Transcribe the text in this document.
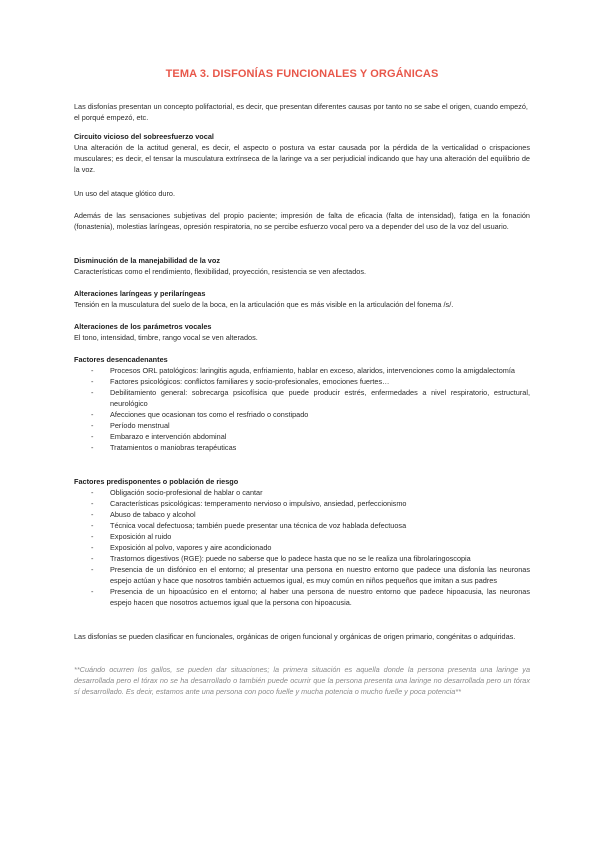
TEMA 3. DISFONÍAS FUNCIONALES Y ORGÁNICAS
Las disfonías presentan un concepto polifactorial, es decir, que presentan diferentes causas por tanto no se sabe el origen, cuando empezó, el porqué empezó, etc.
Circuito vicioso del sobreesfuerzo vocal
Una alteración de la actitud general, es decir, el aspecto o postura va estar causada por la pérdida de la verticalidad o crispaciones musculares; es decir, el tensar la musculatura extrínseca de la laringe va a ser perjudicial indicando que hay una alteración del equilibrio de la voz.
Un uso del ataque glótico duro.
Además de las sensaciones subjetivas del propio paciente; impresión de falta de eficacia (falta de intensidad), fatiga en la fonación (fonastenia), molestias laríngeas, opresión respiratoria, no se percibe esfuerzo vocal pero va a depender del uso de la voz del usuario.
Disminución de la manejabilidad de la voz
Características como el rendimiento, flexibilidad, proyección, resistencia se ven afectados.
Alteraciones laríngeas y perilaríngeas
Tensión en la musculatura del suelo de la boca, en la articulación que es más visible en la articulación del fonema /s/.
Alteraciones de los parámetros vocales
El tono, intensidad, timbre, rango vocal se ven alterados.
Factores desencadenantes
- Procesos ORL patológicos: laringitis aguda, enfriamiento, hablar en exceso, alaridos, intervenciones como la amigdalectomía
- Factores psicológicos: conflictos familiares y socio-profesionales, emociones fuertes…
- Debilitamiento general: sobrecarga psicofísica que puede producir estrés, enfermedades a nivel respiratorio, estructural, neurológico
- Afecciones que ocasionan tos como el resfriado o constipado
- Período menstrual
- Embarazo e intervención abdominal
- Tratamientos o maniobras terapéuticas
Factores predisponentes o población de riesgo
- Obligación socio-profesional de hablar o cantar
- Características psicológicas: temperamento nervioso o impulsivo, ansiedad, perfeccionismo
- Abuso de tabaco y alcohol
- Técnica vocal defectuosa; también puede presentar una técnica de voz hablada defectuosa
- Exposición al ruido
- Exposición al polvo, vapores y aire acondicionado
- Trastornos digestivos (RGE): puede no saberse que lo padece hasta que no se le realiza una fibrolaringoscopia
- Presencia de un disfónico en el entorno; al presentar una persona en nuestro entorno que padece una disfonía las neuronas espejo actúan y hace que nosotros también actuemos igual, es muy común en niños pequeños que imitan a sus padres
- Presencia de un hipoacúsico en el entorno; al haber una persona de nuestro entorno que padece hipoacusia, las neuronas espejo hacen que nosotros actuemos igual que la persona con hipoacusia.
Las disfonías se pueden clasificar en funcionales, orgánicas de origen funcional y orgánicas de origen primario, congénitas o adquiridas.
**Cuándo ocurren los gallos, se pueden dar situaciones; la primera situación es aquella donde la persona presenta una laringe ya desarrollada pero el tórax no se ha desarrollado o también puede ocurrir que la persona presenta una laringe no desarrollada pero un tórax sí desarrollado. Es decir, estamos ante una persona con poco fuelle y mucha potencia o mucho fuelle y poca potencia**
